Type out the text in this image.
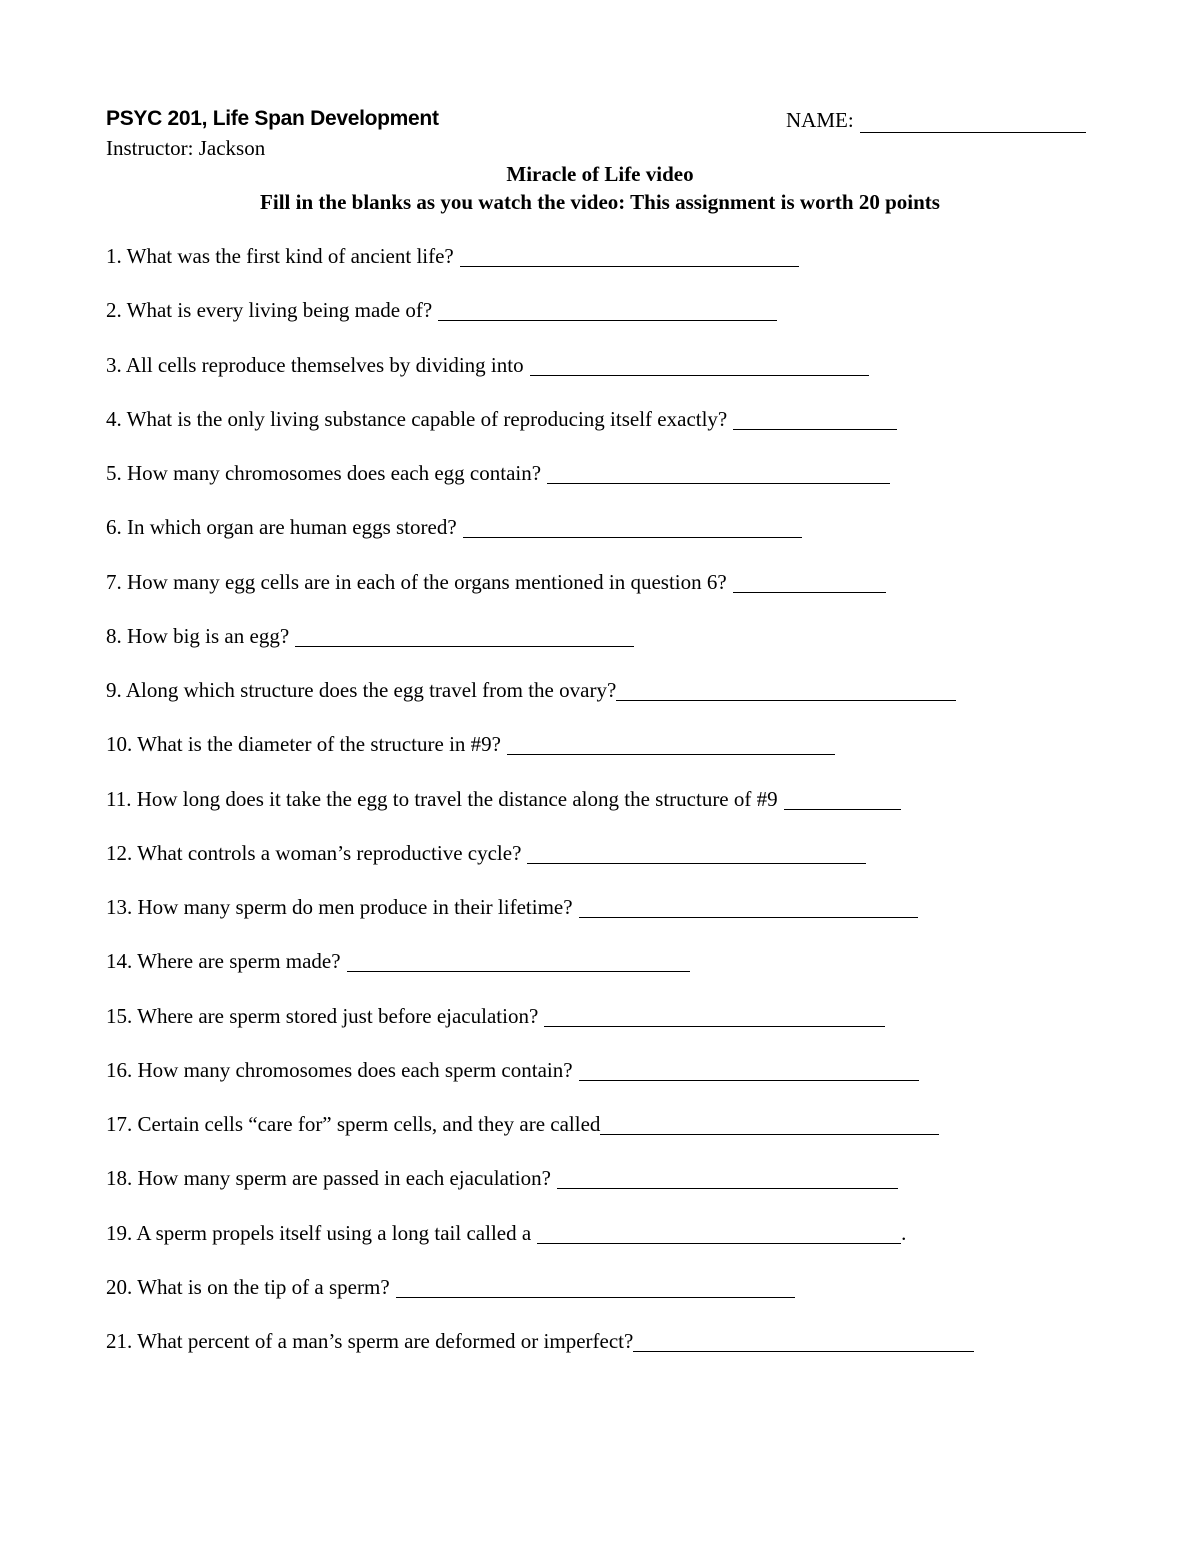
PSYC 201, Life Span Development	NAME:
Instructor: Jackson
Miracle of Life video
Fill in the blanks as you watch the video: This assignment is worth 20 points
1. What was the first kind of ancient life?
2. What is every living being made of?
3. All cells reproduce themselves by dividing into
4. What is the only living substance capable of reproducing itself exactly?
5. How many chromosomes does each egg contain?
6. In which organ are human eggs stored?
7. How many egg cells are in each of the organs mentioned in question 6?
8. How big is an egg?
9. Along which structure does the egg travel from the ovary?
10. What is the diameter of the structure in #9?
11. How long does it take the egg to travel the distance along the structure of #9
12. What controls a woman’s reproductive cycle?
13. How many sperm do men produce in their lifetime?
14. Where are sperm made?
15. Where are sperm stored just before ejaculation?
16. How many chromosomes does each sperm contain?
17. Certain cells “care for” sperm cells, and they are called
18. How many sperm are passed in each ejaculation?
19. A sperm propels itself using a long tail called a	.
20. What is on the tip of a sperm?
21. What percent of a man’s sperm are deformed or imperfect?
